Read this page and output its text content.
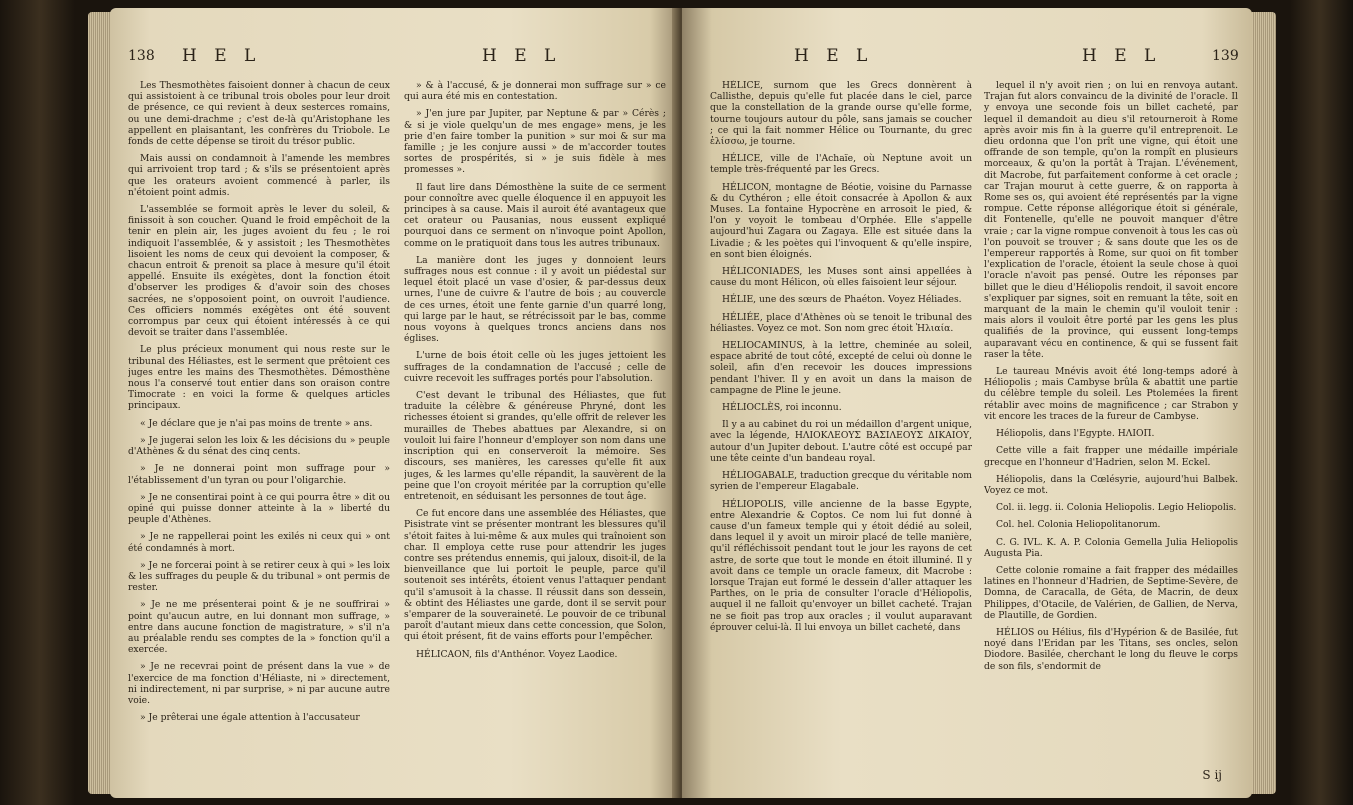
138 H E L	H E L

Les Thesmothètes faisoient donner à chacun de ceux qui assistoient à ce tribunal trois oboles pour leur droit de présence, ce qui revient à deux sesterces romains, ou une demi-drachme ; c'est de-là qu'Aristophane les appellent en plaisantant, les confrères du Triobole. Le fonds de cette dépense se tiroit du trésor public.

Mais aussi on condamnoit à l'amende les membres qui arrivoient trop tard ; & s'ils se présentoient après que les orateurs avoient commencé à parler, ils n'étoient point admis.

L'assemblée se formoit après le lever du soleil, & finissoit à son coucher. Quand le froid empêchoit de la tenir en plein air, les juges avoient du feu ; le roi indiquoit l'assemblée, & y assistoit ; les Thesmothètes lisoient les noms de ceux qui devoient la composer, & chacun entroit & prenoit sa place à mesure qu'il étoit appellé. Ensuite ils exégètes, dont la fonction étoit d'observer les prodiges & d'avoir soin des choses sacrées, ne s'opposoient point, on ouvroit l'audience. Ces officiers nommés exégètes ont été souvent corrompus par ceux qui étoient intéressés à ce qui devoit se traiter dans l'assemblée.

Le plus précieux monument qui nous reste sur le tribunal des Héliastes, est le serment que prêtoient ces juges entre les mains des Thesmothètes. Démosthène nous l'a conservé tout entier dans son oraison contre Timocrate : en voici la forme & quelques articles principaux.

« Je déclare que je n'ai pas moins de trente » ans.

» Je jugerai selon les loix & les décisions du » peuple d'Athènes & du sénat des cinq cents.

» Je ne donnerai point mon suffrage pour » l'établissement d'un tyran ou pour l'oligarchie.

» Je ne consentirai point à ce qui pourra être » dit ou opiné qui puisse donner atteinte à la » liberté du peuple d'Athènes.

» Je ne rappellerai point les exilés ni ceux qui » ont été condamnés à mort.

» Je ne forcerai point à se retirer ceux à qui » les loix & les suffrages du peuple & du tribunal » ont permis de rester.

» Je ne me présenterai point & je ne souffrirai » point qu'aucun autre, en lui donnant mon suffrage, » entre dans aucune fonction de magistrature, » s'il n'a au préalable rendu ses comptes de la » fonction qu'il a exercée.

» Je ne recevrai point de présent dans la vue » de l'exercice de ma fonction d'Héliaste, ni » directement, ni indirectement, ni par surprise, » ni par aucune autre voie.

» Je prêterai une égale attention à l'accusateur

» & à l'accusé, & je donnerai mon suffrage sur » ce qui aura été mis en contestation.

» J'en jure par Jupiter, par Neptune & par » Cérès ; & si je viole quelqu'un de mes engage» mens, je les prie d'en faire tomber la punition » sur moi & sur ma famille ; je les conjure aussi » de m'accorder toutes sortes de prospérités, si » je suis fidèle à mes promesses ».

Il faut lire dans Démosthène la suite de ce serment pour connoître avec quelle éloquence il en appuyoit les principes à sa cause. Mais il auroit été avantageux que cet orateur ou Pausanias, nous eussent expliqué pourquoi dans ce serment on n'invoque point Apollon, comme on le pratiquoit dans tous les autres tribunaux.

La manière dont les juges y donnoient leurs suffrages nous est connue : il y avoit un piédestal sur lequel étoit placé un vase d'osier, & par-dessus deux urnes, l'une de cuivre & l'autre de bois ; au couvercle de ces urnes, étoit une fente garnie d'un quarré long, qui large par le haut, se rétrécissoit par le bas, comme nous voyons à quelques troncs anciens dans nos églises.

L'urne de bois étoit celle où les juges jettoient les suffrages de la condamnation de l'accusé ; celle de cuivre recevoit les suffrages portés pour l'absolution.

C'est devant le tribunal des Héliastes, que fut traduite la célèbre & généreuse Phryné, dont les richesses étoient si grandes, qu'elle offrit de relever les murailles de Thebes abattues par Alexandre, si on vouloit lui faire l'honneur d'employer son nom dans une inscription qui en conserveroit la mémoire. Ses discours, ses manières, les caresses qu'elle fit aux juges, & les larmes qu'elle répandit, la sauvèrent de la peine que l'on croyoit méritée par la corruption qu'elle entretenoit, en séduisant les personnes de tout âge.

Ce fut encore dans une assemblée des Héliastes, que Pisistrate vint se présenter montrant les blessures qu'il s'étoit faites à lui-même & aux mules qui traînoient son char. Il employa cette ruse pour attendrir les juges contre ses prétendus ennemis, qui jaloux, disoit-il, de la bienveillance que lui portoit le peuple, parce qu'il soutenoit ses intérêts, étoient venus l'attaquer pendant qu'il s'amusoit à la chasse. Il réussit dans son dessein, & obtint des Héliastes une garde, dont il se servit pour s'emparer de la souveraineté. Le pouvoir de ce tribunal paroît d'autant mieux dans cette concession, que Solon, qui étoit présent, fit de vains efforts pour l'empêcher.

HÉLICAON, fils d'Anthénor. Voyez Laodice.

H E L	H E L	139

HÉLICE, surnom que les Grecs donnèrent à Callisthe, depuis qu'elle fut placée dans le ciel, parce que la constellation de la grande ourse qu'elle forme, tourne toujours autour du pôle, sans jamais se coucher ; ce qui la fait nommer Hélice ou Tournante, du grec ἑλίσσω, je tourne.

HÉLICE, ville de l'Achaïe, où Neptune avoit un temple très-fréquenté par les Grecs.

HÉLICON, montagne de Béotie, voisine du Parnasse & du Cythéron ; elle étoit consacrée à Apollon & aux Muses. La fontaine Hypocrène en arrosoit le pied, & l'on y voyoit le tombeau d'Orphée. Elle s'appelle aujourd'hui Zagara ou Zagaya. Elle est située dans la Livadie ; & les poètes qui l'invoquent & qu'elle inspire, en sont bien éloignés.

HÉLICONIADES, les Muses sont ainsi appellées à cause du mont Hélicon, où elles faisoient leur séjour.

HÉLIE, une des sœurs de Phaéton. Voyez Héliades.

HÉLIÉE, place d'Athènes où se tenoit le tribunal des héliastes. Voyez ce mot. Son nom grec étoit Ἡλιαία.

HELIOCAMINUS, à la lettre, cheminée au soleil, espace abrité de tout côté, excepté de celui où donne le soleil, afin d'en recevoir les douces impressions pendant l'hiver. Il y en avoit un dans la maison de campagne de Pline le jeune.

HÉLIOCLÈS, roi inconnu.

Il y a au cabinet du roi un médaillon d'argent unique, avec la légende, ΗΛΙΟΚΛΕΟΥΣ ΒΑΣΙΛΕΟΥΣ ΔΙΚΑΙΟΥ, autour d'un Jupiter debout. L'autre côté est occupé par une tête ceinte d'un bandeau royal.

HÉLIOGABALE, traduction grecque du véritable nom syrien de l'empereur Elagabale.

HÉLIOPOLIS, ville ancienne de la basse Egypte, entre Alexandrie & Coptos. Ce nom lui fut donné à cause d'un fameux temple qui y étoit dédié au soleil, dans lequel il y avoit un miroir placé de telle manière, qu'il réfléchissoit pendant tout le jour les rayons de cet astre, de sorte que tout le monde en étoit illuminé. Il y avoit dans ce temple un oracle fameux, dit Macrobe : lorsque Trajan eut formé le dessein d'aller attaquer les Parthes, on le pria de consulter l'oracle d'Héliopolis, auquel il ne falloit qu'envoyer un billet cacheté. Trajan ne se fioit pas trop aux oracles ; il voulut auparavant éprouver celui-là. Il lui envoya un billet cacheté, dans

lequel il n'y avoit rien ; on lui en renvoya autant. Trajan fut alors convaincu de la divinité de l'oracle. Il y envoya une seconde fois un billet cacheté, par lequel il demandoit au dieu s'il retourneroit à Rome après avoir mis fin à la guerre qu'il entreprenoit. Le dieu ordonna que l'on prît une vigne, qui étoit une offrande de son temple, qu'on la rompît en plusieurs morceaux, & qu'on la portât à Trajan. L'événement, dit Macrobe, fut parfaitement conforme à cet oracle ; car Trajan mourut à cette guerre, & on rapporta à Rome ses os, qui avoient été représentés par la vigne rompue. Cette réponse allégorique étoit si générale, dit Fontenelle, qu'elle ne pouvoit manquer d'être vraie ; car la vigne rompue convenoit à tous les cas où l'on pouvoit se trouver ; & sans doute que les os de l'empereur rapportés à Rome, sur quoi on fit tomber l'explication de l'oracle, étoient la seule chose à quoi l'oracle n'avoit pas pensé. Outre les réponses par billet que le dieu d'Héliopolis rendoit, il savoit encore s'expliquer par signes, soit en remuant la tête, soit en marquant de la main le chemin qu'il vouloit tenir : mais alors il vouloit être porté par les gens les plus qualifiés de la province, qui eussent long-temps auparavant vécu en continence, & qui se fussent fait raser la tête.

Le taureau Mnévis avoit été long-temps adoré à Héliopolis ; mais Cambyse brûla & abattit une partie du célèbre temple du soleil. Les Ptolemées la firent rétablir avec moins de magnificence ; car Strabon y vit encore les traces de la fureur de Cambyse.

Héliopolis, dans l'Egypte. ΗΛΙΟΠ.

Cette ville a fait frapper une médaille impériale grecque en l'honneur d'Hadrien, selon M. Eckel.

Héliopolis, dans la Cœlésyrie, aujourd'hui Balbek. Voyez ce mot.

Col. ii. legg. ii. Colonia Heliopolis. Legio Heliopolis.

Col. hel. Colonia Heliopolitanorum.

C. G. IVL. K. A. P. Colonia Gemella Julia Heliopolis Augusta Pia.

Cette colonie romaine a fait frapper des médailles latines en l'honneur d'Hadrien, de Septime-Sevère, de Domna, de Caracalla, de Géta, de Macrin, de deux Philippes, d'Otacile, de Valérien, de Gallien, de Nerva, de Plautille, de Gordien.

HÉLIOS ou Hélius, fils d'Hypérion & de Basilée, fut noyé dans l'Eridan par les Titans, ses oncles, selon Diodore. Basilée, cherchant le long du fleuve le corps de son fils, s'endormit de

S ij
